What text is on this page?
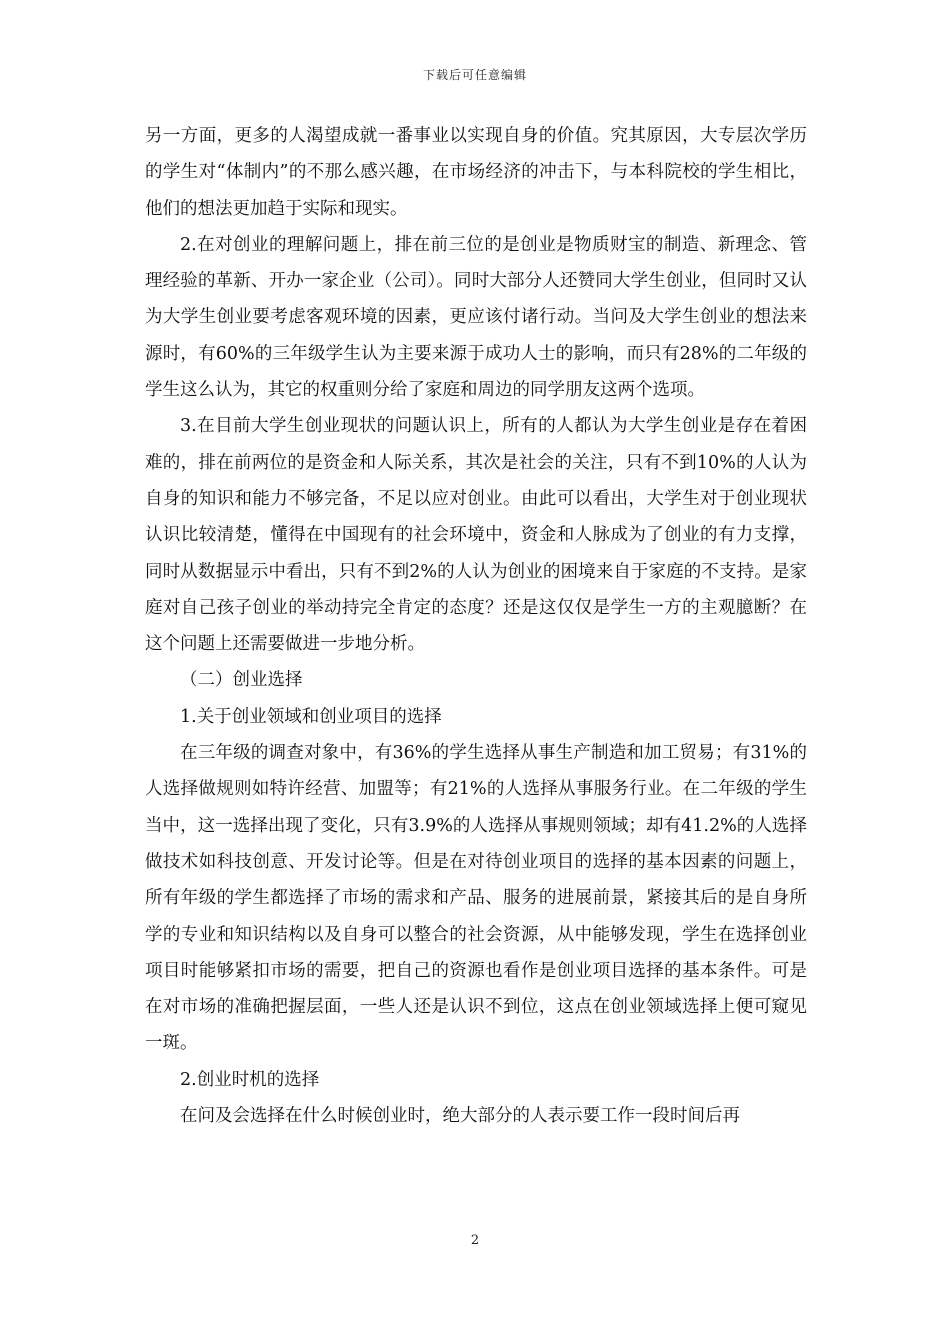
下载后可任意编辑

另一方面，更多的人渴望成就一番事业以实现自身的价值。究其原因，大专层次学历的学生对“体制内”的不那么感兴趣，在市场经济的冲击下，与本科院校的学生相比，他们的想法更加趋于实际和现实。

2.在对创业的理解问题上，排在前三位的是创业是物质财宝的制造、新理念、管理经验的革新、开办一家企业（公司）。同时大部分人还赞同大学生创业，但同时又认为大学生创业要考虑客观环境的因素，更应该付诸行动。当问及大学生创业的想法来源时，有60%的三年级学生认为主要来源于成功人士的影响，而只有28%的二年级的学生这么认为，其它的权重则分给了家庭和周边的同学朋友这两个选项。

3.在目前大学生创业现状的问题认识上，所有的人都认为大学生创业是存在着困难的，排在前两位的是资金和人际关系，其次是社会的关注，只有不到10%的人认为自身的知识和能力不够完备，不足以应对创业。由此可以看出，大学生对于创业现状认识比较清楚，懂得在中国现有的社会环境中，资金和人脉成为了创业的有力支撑，同时从数据显示中看出，只有不到2%的人认为创业的困境来自于家庭的不支持。是家庭对自己孩子创业的举动持完全肯定的态度？还是这仅仅是学生一方的主观臆断？在这个问题上还需要做进一步地分析。

（二）创业选择

1.关于创业领域和创业项目的选择

在三年级的调查对象中，有36%的学生选择从事生产制造和加工贸易；有31%的人选择做规则如特许经营、加盟等；有21%的人选择从事服务行业。在二年级的学生当中，这一选择出现了变化，只有3.9%的人选择从事规则领域；却有41.2%的人选择做技术如科技创意、开发讨论等。但是在对待创业项目的选择的基本因素的问题上，所有年级的学生都选择了市场的需求和产品、服务的进展前景，紧接其后的是自身所学的专业和知识结构以及自身可以整合的社会资源，从中能够发现，学生在选择创业项目时能够紧扣市场的需要，把自己的资源也看作是创业项目选择的基本条件。可是在对市场的准确把握层面，一些人还是认识不到位，这点在创业领域选择上便可窥见一斑。

2.创业时机的选择

在问及会选择在什么时候创业时，绝大部分的人表示要工作一段时间后再

2
